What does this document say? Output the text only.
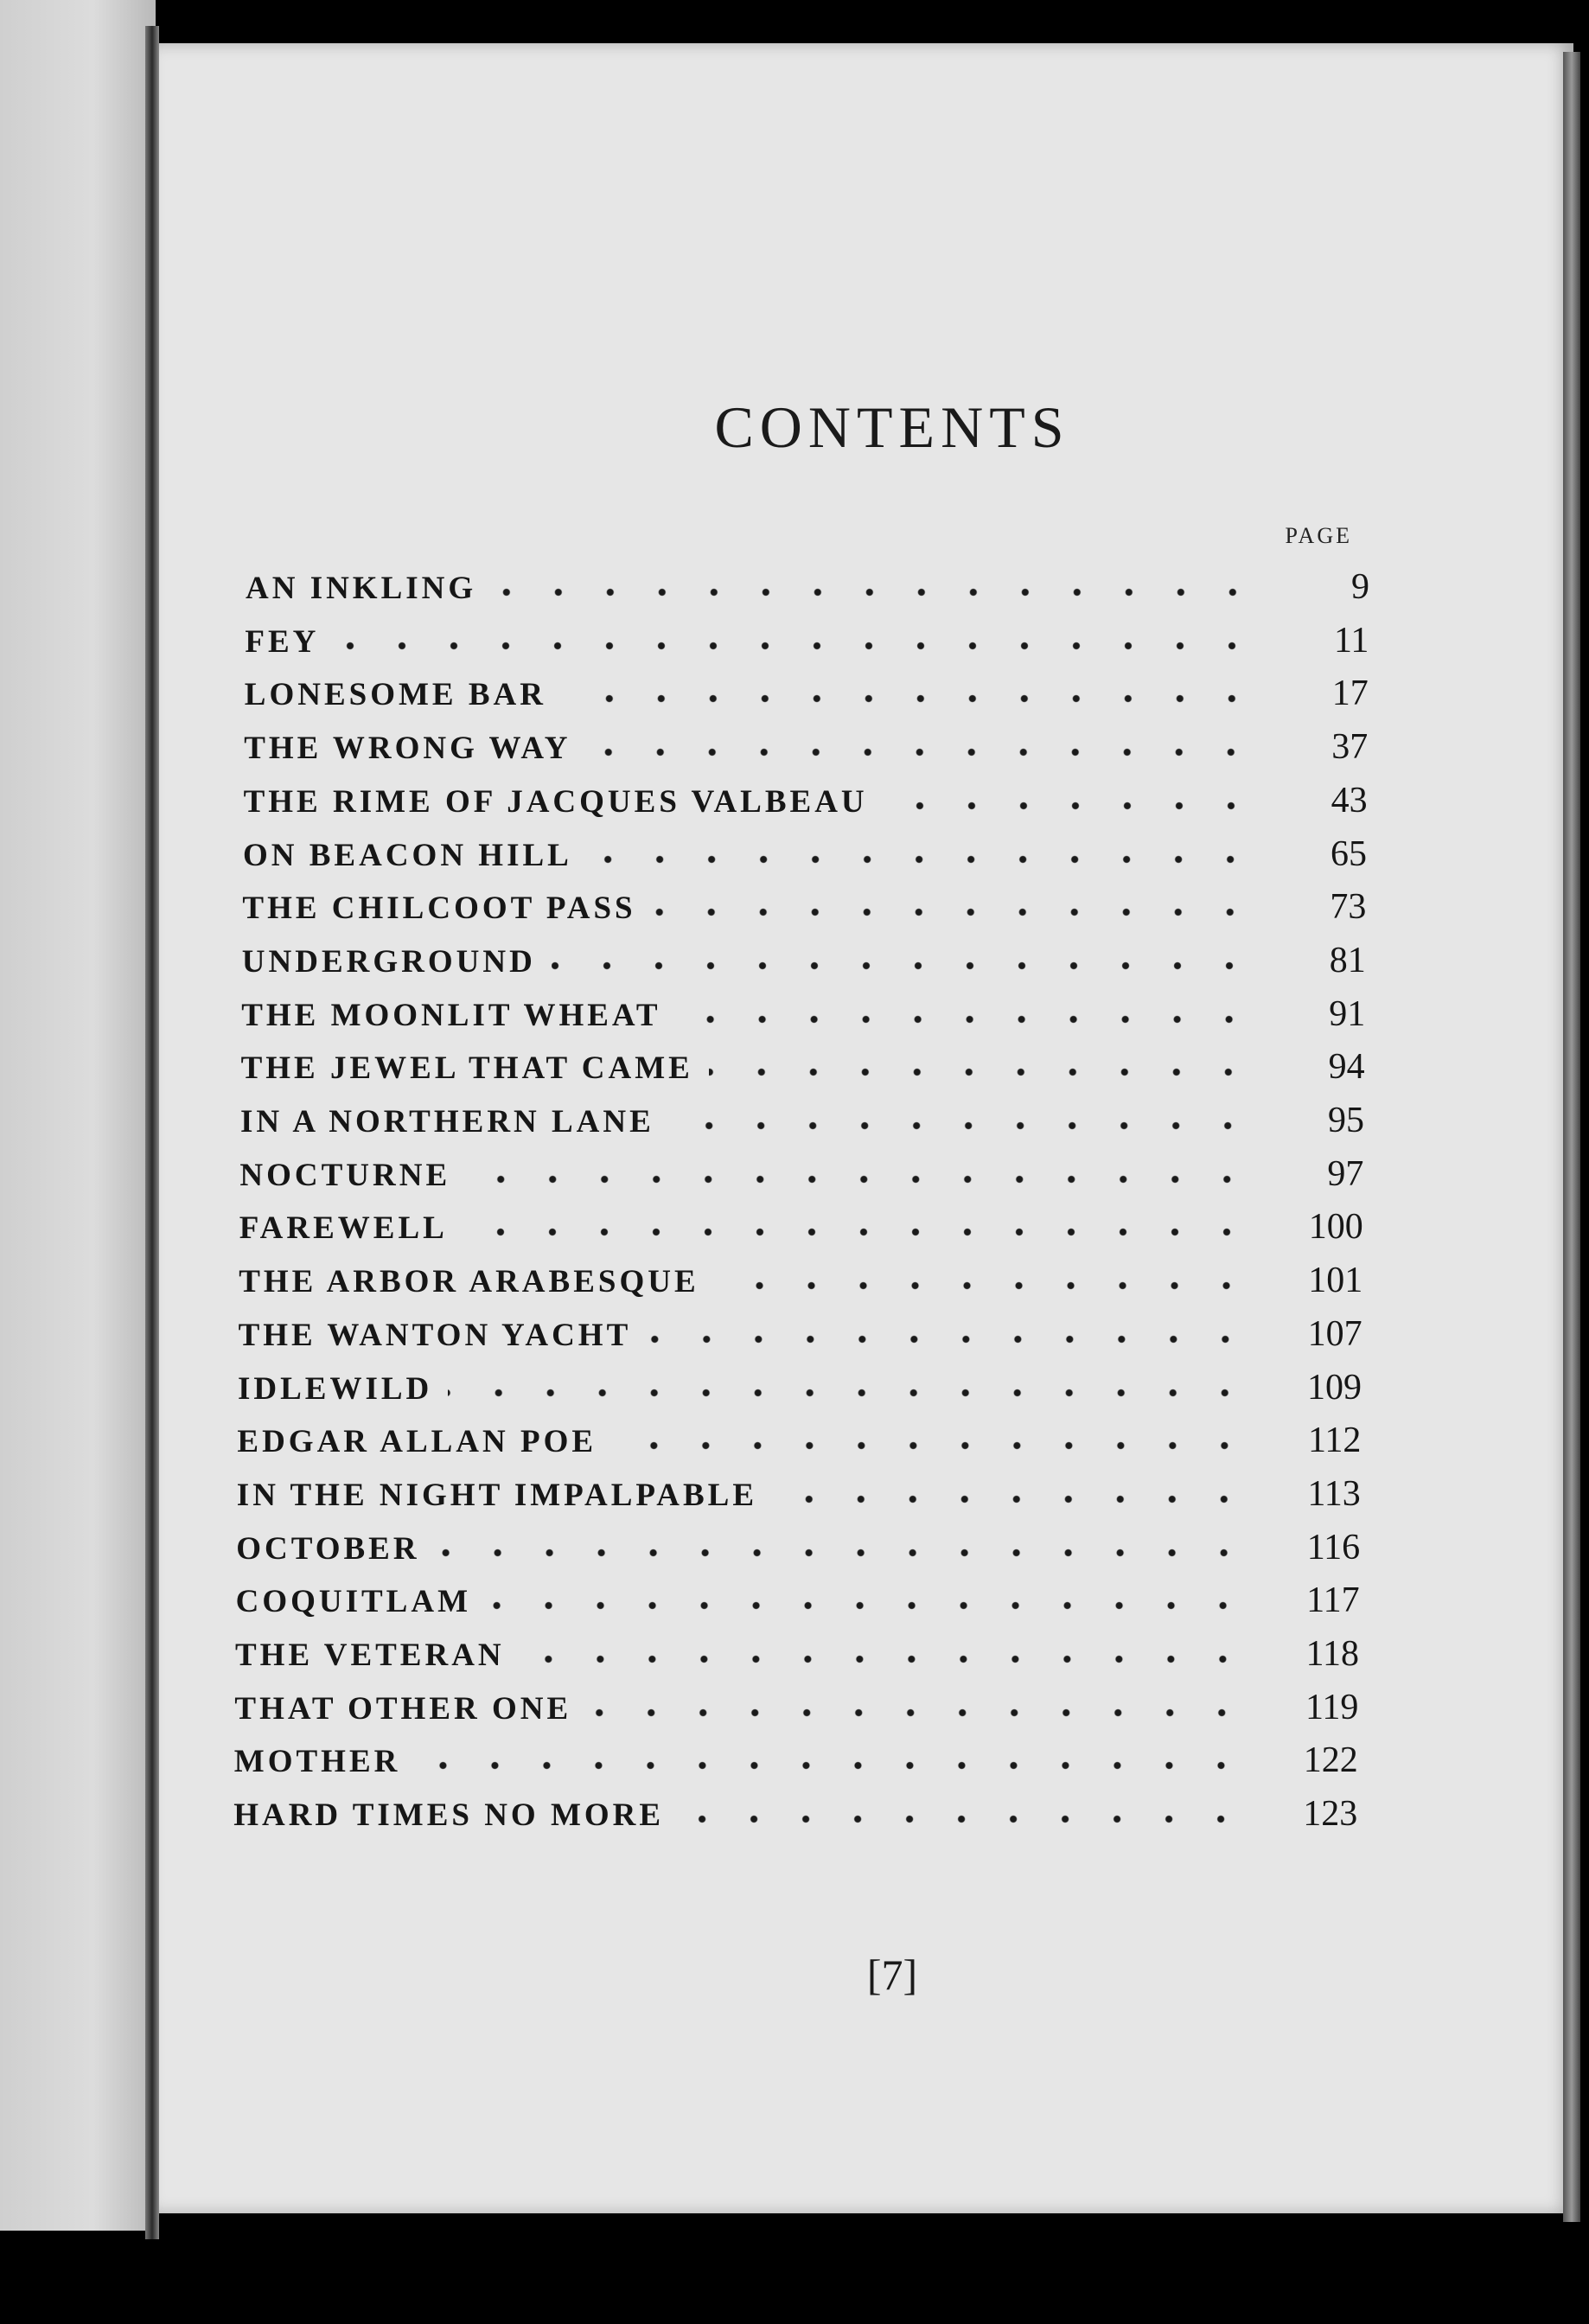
CONTENTS
PAGE
AN INKLING	9
FEY	11
LONESOME BAR	17
THE WRONG WAY	37
THE RIME OF JACQUES VALBEAU	43
ON BEACON HILL	65
THE CHILCOOT PASS	73
UNDERGROUND	81
THE MOONLIT WHEAT	91
THE JEWEL THAT CAME	94
IN A NORTHERN LANE	95
NOCTURNE	97
FAREWELL	100
THE ARBOR ARABESQUE	101
THE WANTON YACHT	107
IDLEWILD	109
EDGAR ALLAN POE	112
IN THE NIGHT IMPALPABLE	113
OCTOBER	116
COQUITLAM	117
THE VETERAN	118
THAT OTHER ONE	119
MOTHER	122
HARD TIMES NO MORE	123
[7]
